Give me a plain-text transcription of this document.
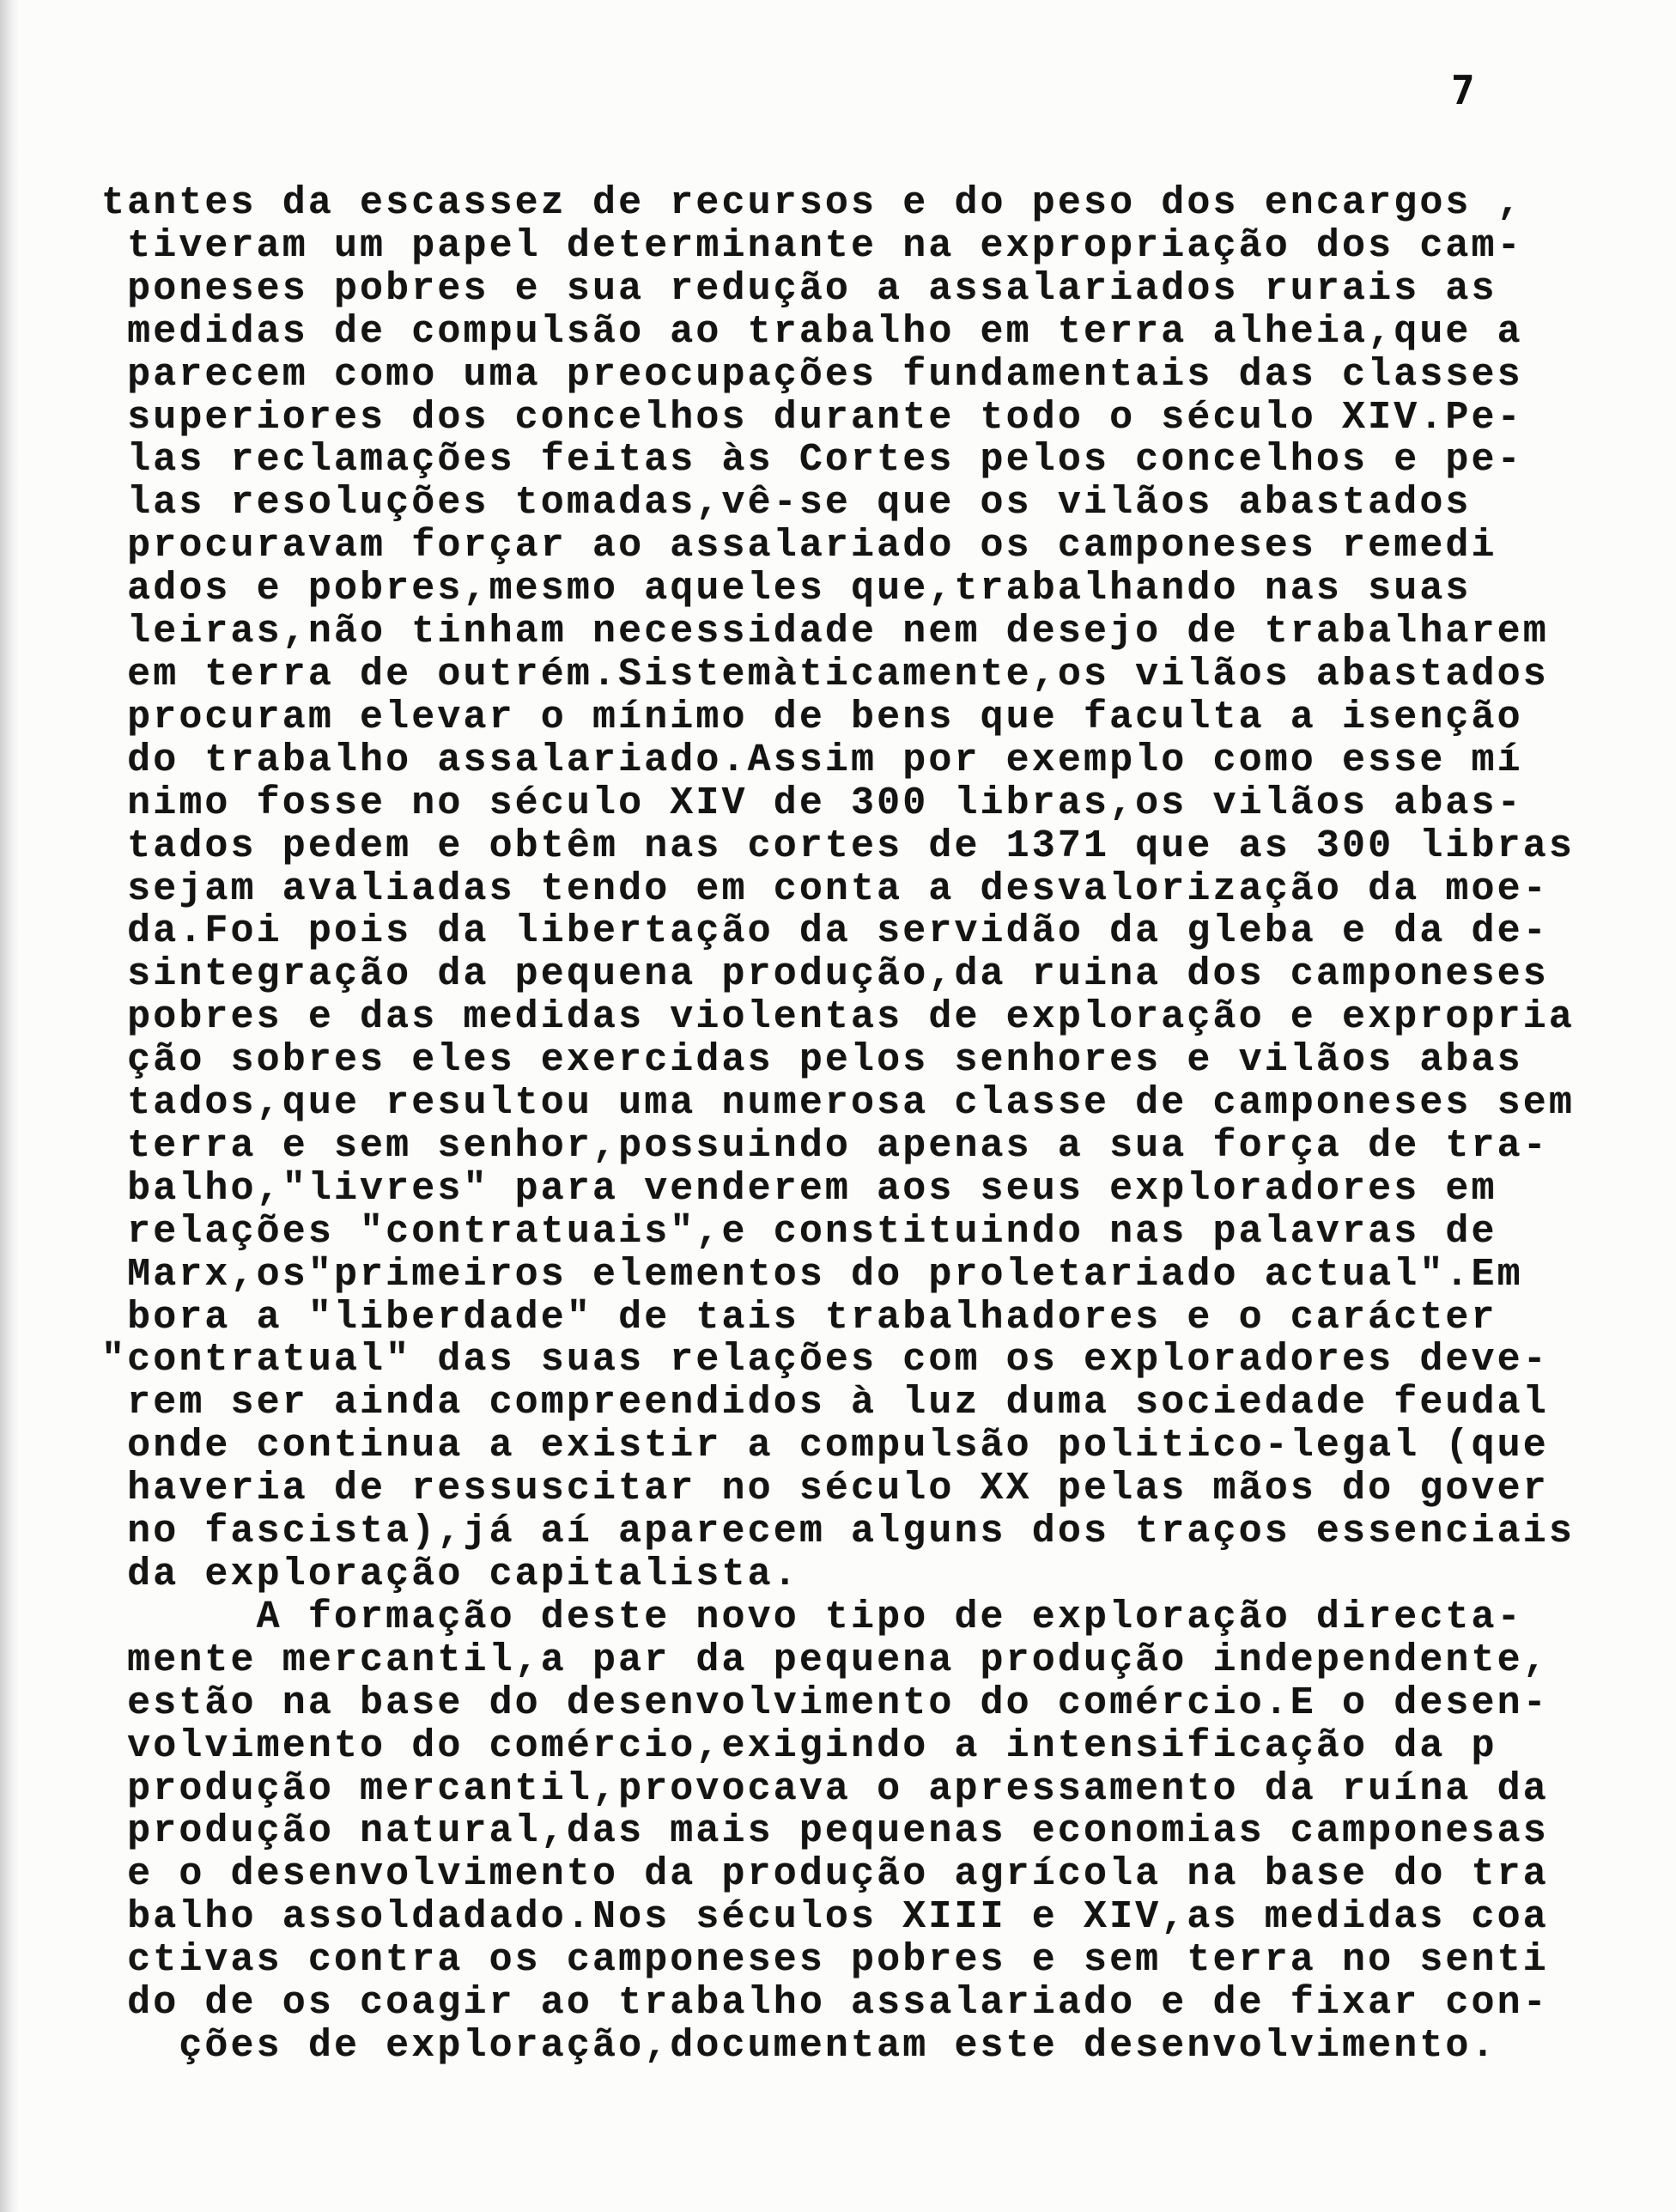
7
tantes da escassez de recursos e do peso dos encargos ,
tiveram um papel determinante na expropriação dos cam-
poneses pobres e sua redução a assalariados rurais as
medidas de compulsão ao trabalho em terra alheia,que a
parecem como uma preocupações fundamentais das classes
superiores dos concelhos durante todo o século XIV.Pe-
las reclamações feitas às Cortes pelos concelhos e pe-
las resoluções tomadas,vê-se que os vilãos abastados
procuravam forçar ao assalariado os camponeses remedi
ados e pobres,mesmo aqueles que,trabalhando nas suas
leiras,não tinham necessidade nem desejo de trabalharem
em terra de outrém.Sistemàticamente,os vilãos abastados
procuram elevar o mínimo de bens que faculta a isenção
do trabalho assalariado.Assim por exemplo como esse mí
nimo fosse no século XIV de 300 libras,os vilãos abas-
tados pedem e obtêm nas cortes de 1371 que as 300 libras
sejam avaliadas tendo em conta a desvalorização da moe-
da.Foi pois da libertação da servidão da gleba e da de-
sintegração da pequena produção,da ruina dos camponeses
pobres e das medidas violentas de exploração e expropria
ção sobres eles exercidas pelos senhores e vilãos abas
tados,que resultou uma numerosa classe de camponeses sem
terra e sem senhor,possuindo apenas a sua força de tra-
balho,"livres" para venderem aos seus exploradores em
relações "contratuais",e constituindo nas palavras de
Marx,os"primeiros elementos do proletariado actual".Em
bora a "liberdade" de tais trabalhadores e o carácter
"contratual" das suas relações com os exploradores deve-
rem ser ainda compreendidos à luz duma sociedade feudal
onde continua a existir a compulsão politico-legal (que
haveria de ressuscitar no século XX pelas mãos do gover
no fascista),já aí aparecem alguns dos traços essenciais
da exploração capitalista.
A formação deste novo tipo de exploração directa-
mente mercantil,a par da pequena produção independente,
estão na base do desenvolvimento do comércio.E o desen-
volvimento do comércio,exigindo a intensificação da p
produção mercantil,provocava o apressamento da ruína da
produção natural,das mais pequenas economias camponesas
e o desenvolvimento da produção agrícola na base do tra
balho assoldadado.Nos séculos XIII e XIV,as medidas coa
ctivas contra os camponeses pobres e sem terra no senti
do de os coagir ao trabalho assalariado e de fixar con-
ções de exploração,documentam este desenvolvimento.
